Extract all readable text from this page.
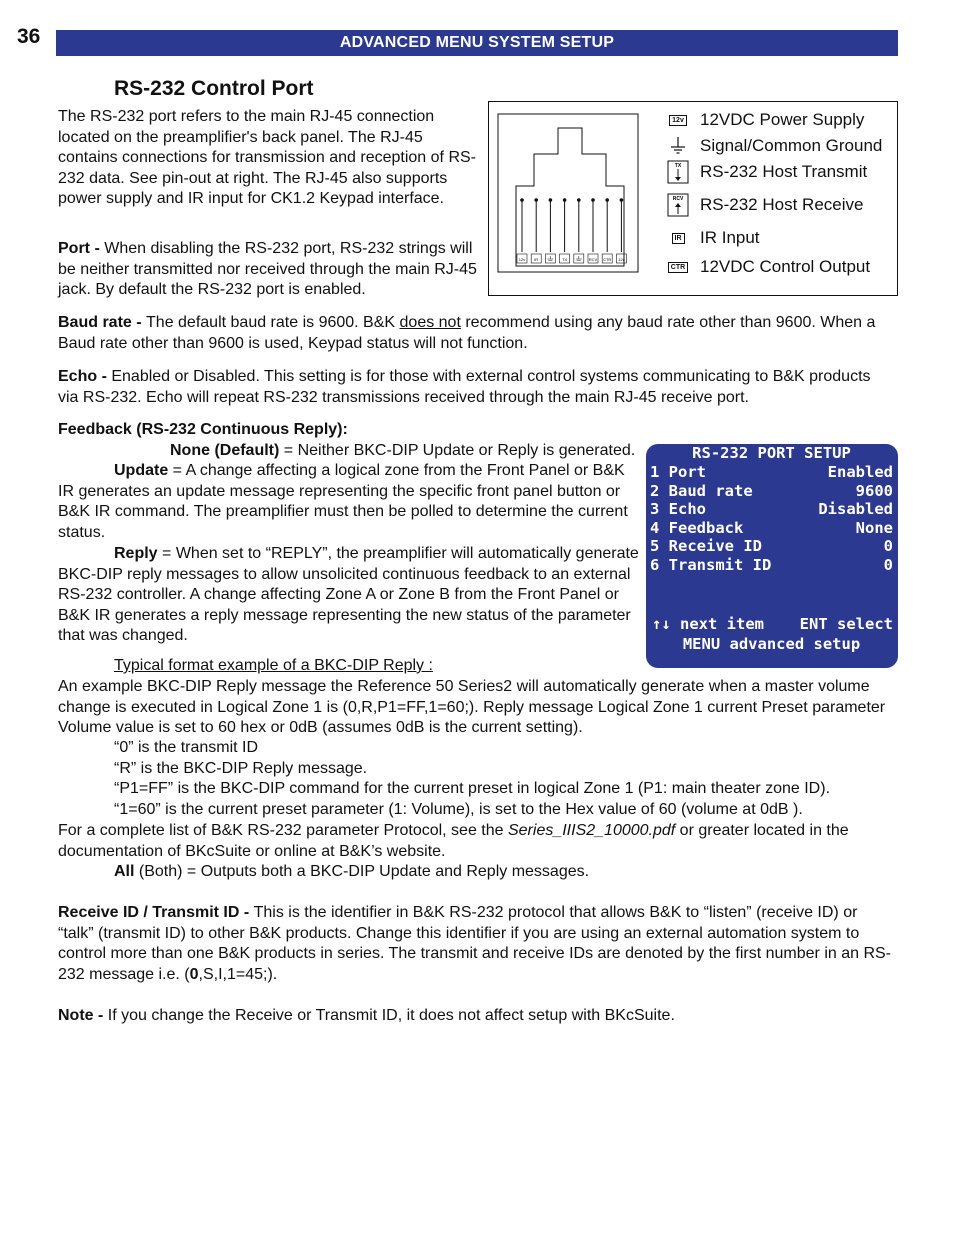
36	ADVANCED MENU SYSTEM SETUP
RS-232 Control Port
The RS-232 port refers to the main RJ-45 connection located on the preamplifier's back panel. The RJ-45 contains connections for transmission and reception of RS-232 data. See pin-out at right. The RJ-45 also supports power supply and IR input for CK1.2 Keypad interface.
Port - When disabling the RS-232 port, RS-232 strings will be neither transmitted nor received through the main RJ-45 jack. By default the RS-232 port is enabled.
12v IR	TX	RCV CTR 12v
12v 12VDC Power Supply
Signal/Common Ground
TX RS-232 Host Transmit
RCV RS-232 Host Receive
IR IR Input
CTR 12VDC Control Output
Baud rate - The default baud rate is 9600. B&K does not recommend using any baud rate other than 9600. When a Baud rate other than 9600 is used, Keypad status will not function.
Echo - Enabled or Disabled. This setting is for those with external control systems communicating to B&K products via RS-232. Echo will repeat RS-232 transmissions received through the main RJ-45 receive port.
Feedback (RS-232 Continuous Reply):
None (Default) = Neither BKC-DIP Update or Reply is generated.
Update = A change affecting a logical zone from the Front Panel or B&K IR generates an update message representing the specific front panel button or B&K IR command. The preamplifier must then be polled to determine the current status.
Reply = When set to “REPLY”, the preamplifier will automatically generate BKC-DIP reply messages to allow unsolicited continuous feedback to an external RS-232 controller. A change affecting Zone A or Zone B from the Front Panel or B&K IR generates a reply message representing the new status of the parameter that was changed.
RS-232 PORT SETUP
1 Port	Enabled
2 Baud rate	9600
3 Echo	Disabled
4 Feedback	None
5 Receive ID	0
6 Transmit ID	0
↑↓ next item ENT select
MENU advanced setup
Typical format example of a BKC-DIP Reply :
An example BKC-DIP Reply message the Reference 50 Series2 will automatically generate when a master volume change is executed in Logical Zone 1 is (0,R,P1=FF,1=60;). Reply message Logical Zone 1 current Preset parameter Volume value is set to 60 hex or 0dB (assumes 0dB is the current setting).
“0” is the transmit ID
“R” is the BKC-DIP Reply message.
“P1=FF” is the BKC-DIP command for the current preset in logical Zone 1 (P1: main theater zone ID).
“1=60” is the current preset parameter (1: Volume), is set to the Hex value of 60 (volume at 0dB ).
For a complete list of B&K RS-232 parameter Protocol, see the Series_IIIS2_10000.pdf or greater located in the documentation of BKcSuite or online at B&K’s website.
All (Both) = Outputs both a BKC-DIP Update and Reply messages.
Receive ID / Transmit ID - This is the identifier in B&K RS-232 protocol that allows B&K to “listen” (receive ID) or “talk” (transmit ID) to other B&K products. Change this identifier if you are using an external automation system to control more than one B&K products in series. The transmit and receive IDs are denoted by the first number in an RS-232 message i.e. (0,S,I,1=45;).
Note - If you change the Receive or Transmit ID, it does not affect setup with BKcSuite.
